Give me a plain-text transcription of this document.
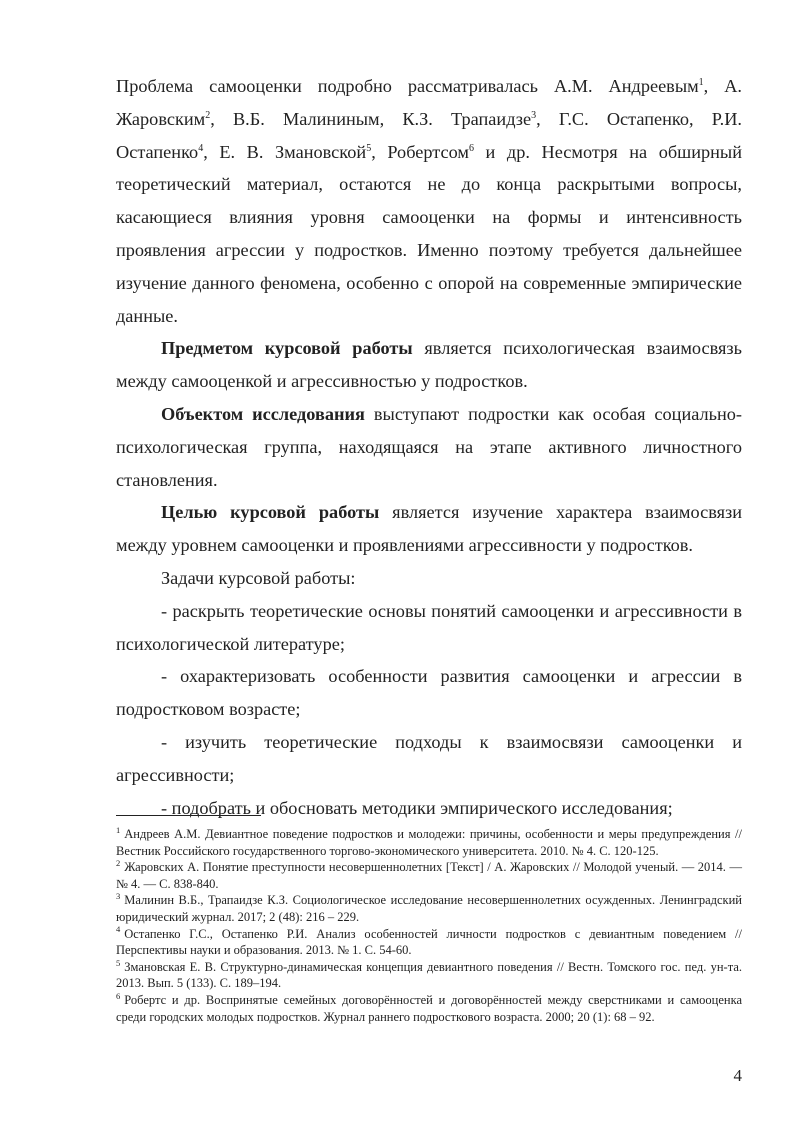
Проблема самооценки подробно рассматривалась А.М. Андреевым$^1$, А. Жаровским$^2$, В.Б. Малининым, К.З. Трапаидзе$^3$, Г.С. Остапенко, Р.И. Остапенко$^4$, Е. В. Змановской$^5$, Робертсом$^6$ и др. Несмотря на обширный теоретический материал, остаются не до конца раскрытыми вопросы, касающиеся влияния уровня самооценки на формы и интенсивность проявления агрессии у подростков. Именно поэтому требуется дальнейшее изучение данного феномена, особенно с опорой на современные эмпирические данные.

Предметом курсовой работы является психологическая взаимосвязь между самооценкой и агрессивностью у подростков.

Объектом исследования выступают подростки как особая социально-психологическая группа, находящаяся на этапе активного личностного становления.

Целью курсовой работы является изучение характера взаимосвязи между уровнем самооценки и проявлениями агрессивности у подростков.

Задачи курсовой работы:

- раскрыть теоретические основы понятий самооценки и агрессивности в психологической литературе;

- охарактеризовать особенности развития самооценки и агрессии в подростковом возрасте;

- изучить теоретические подходы к взаимосвязи самооценки и агрессивности;

- подобрать и обосновать методики эмпирического исследования;

$^1$ Андреев А.М. Девиантное поведение подростков и молодежи: причины, особенности и меры предупреждения // Вестник Российского государственного торгово-экономического университета. 2010. № 4. С. 120-125.

$^2$ Жаровских А. Понятие преступности несовершеннолетних [Текст] / А. Жаровских // Молодой ученый. — 2014. — № 4. — С. 838-840.

$^3$ Малинин В.Б., Трапаидзе К.З. Социологическое исследование несовершеннолетних осужденных. Ленинградский юридический журнал. 2017; 2 (48): 216 – 229.

$^4$ Остапенко Г.С., Остапенко Р.И. Анализ особенностей личности подростков с девиантным поведением // Перспективы науки и образования. 2013. № 1. С. 54-60.

$^5$ Змановская Е. В. Структурно-динамическая концепция девиантного поведения // Вестн. Томского гос. пед. ун-та. 2013. Вып. 5 (133). С. 189–194.

$^6$ Робертс и др. Воспринятые семейных договорённостей и договорённостей между сверстниками и самооценка среди городских молодых подростков. Журнал раннего подросткового возраста. 2000; 20 (1): 68 – 92.

4
